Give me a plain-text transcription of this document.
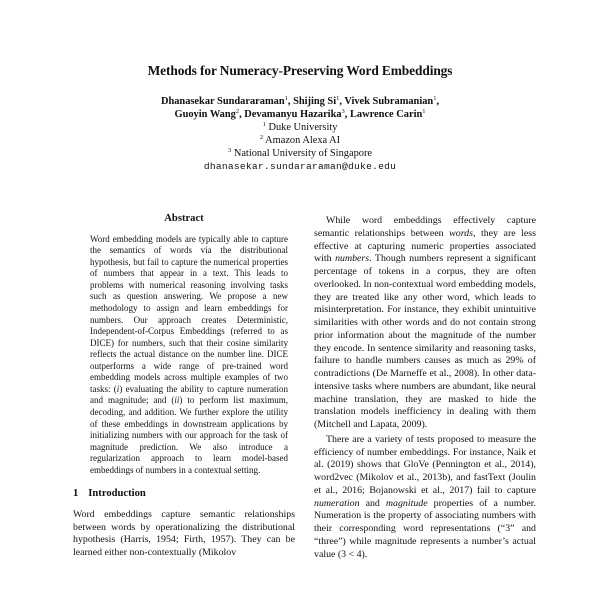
Methods for Numeracy-Preserving Word Embeddings
Dhanasekar Sundararaman$^1$, Shijing Si$^1$, Vivek Subramanian$^1$,
Guoyin Wang$^2$, Devamanyu Hazarika$^3$, Lawrence Carin$^1$
$^1$ Duke University
$^2$ Amazon Alexa AI
$^3$ National University of Singapore
dhanasekar.sundararaman@duke.edu
Abstract

Word embedding models are typically able to capture the semantics of words via the distributional hypothesis, but fail to capture the numerical properties of numbers that appear in a text. This leads to problems with numerical reasoning involving tasks such as question answering. We propose a new methodology to assign and learn embeddings for numbers. Our approach creates Deterministic, Independent-of-Corpus Embeddings (referred to as DICE) for numbers, such that their cosine similarity reflects the actual distance on the number line. DICE outperforms a wide range of pre-trained word embedding models across multiple examples of two tasks: (i) evaluating the ability to capture numeration and magnitude; and (ii) to perform list maximum, decoding, and addition. We further explore the utility of these embeddings in downstream applications by initializing numbers with our approach for the task of magnitude prediction. We also introduce a regularization approach to learn model-based embeddings of numbers in a contextual setting.

1 Introduction

Word embeddings capture semantic relationships between words by operationalizing the distributional hypothesis (Harris, 1954; Firth, 1957). They can be learned either non-contextually (Mikolov

While word embeddings effectively capture semantic relationships between words, they are less effective at capturing numeric properties associated with numbers. Though numbers represent a significant percentage of tokens in a corpus, they are often overlooked. In non-contextual word embedding models, they are treated like any other word, which leads to misinterpretation. For instance, they exhibit unintuitive similarities with other words and do not contain strong prior information about the magnitude of the number they encode. In sentence similarity and reasoning tasks, failure to handle numbers causes as much as 29% of contradictions (De Marneffe et al., 2008). In other data-intensive tasks where numbers are abundant, like neural machine translation, they are masked to hide the translation models inefficiency in dealing with them (Mitchell and Lapata, 2009).

There are a variety of tests proposed to measure the efficiency of number embeddings. For instance, Naik et al. (2019) shows that GloVe (Pennington et al., 2014), word2vec (Mikolov et al., 2013b), and fastText (Joulin et al., 2016; Bojanowski et al., 2017) fail to capture numeration and magnitude properties of a number. Numeration is the property of associating numbers with their corresponding word representations (“3” and “three”) while magnitude represents a number’s actual value (3 < 4).
